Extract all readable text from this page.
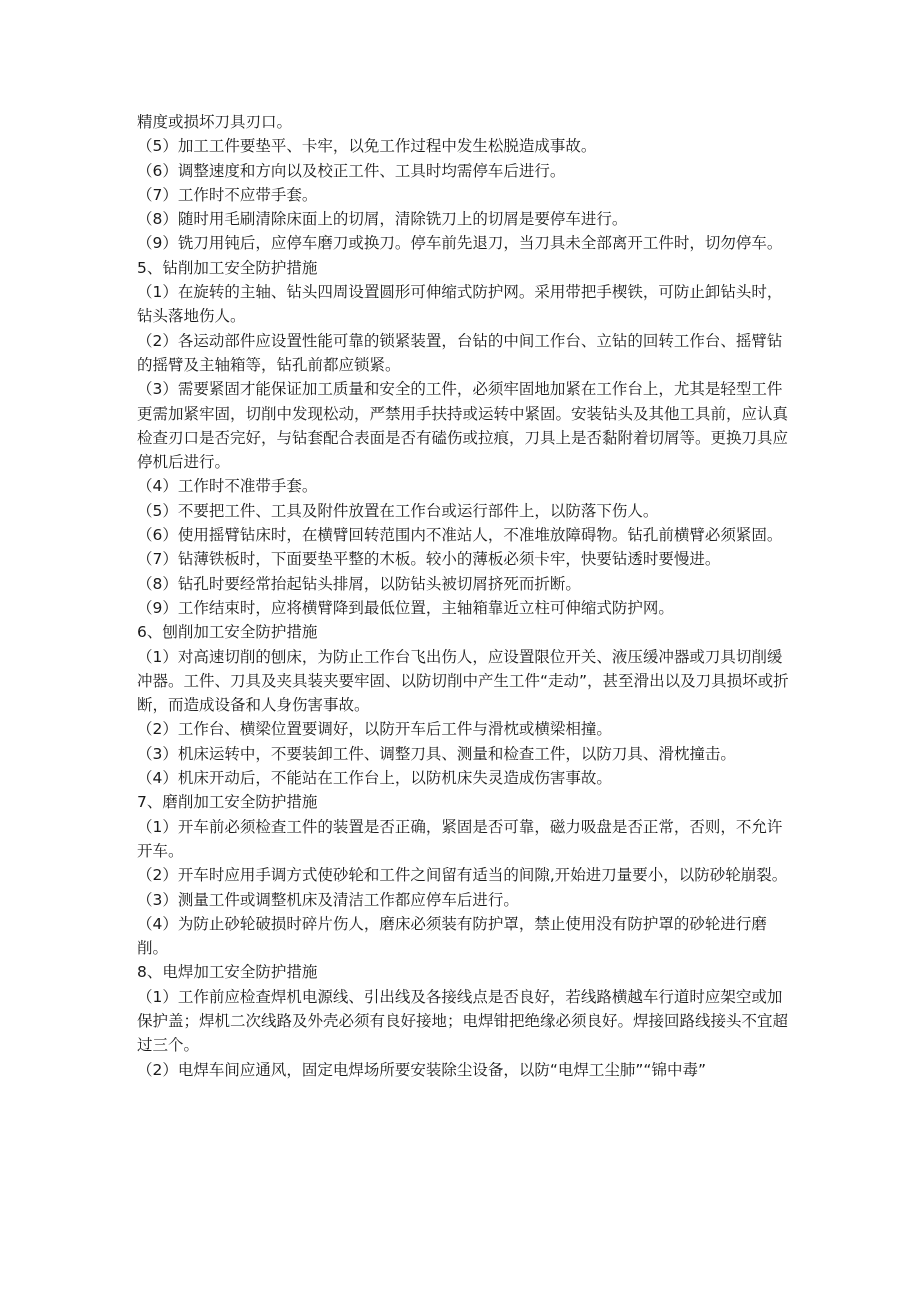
精度或损坏刀具刃口。

（5）加工工件要垫平、卡牢，以免工作过程中发生松脱造成事故。

（6）调整速度和方向以及校正工件、工具时均需停车后进行。

（7）工作时不应带手套。

（8）随时用毛刷清除床面上的切屑，清除铣刀上的切屑是要停车进行。

（9）铣刀用钝后，应停车磨刀或换刀。停车前先退刀，当刀具未全部离开工件时，切勿停车。

5、钻削加工安全防护措施

（1）在旋转的主轴、钻头四周设置圆形可伸缩式防护网。采用带把手楔铁，可防止卸钻头时，钻头落地伤人。

（2）各运动部件应设置性能可靠的锁紧装置，台钻的中间工作台、立钻的回转工作台、摇臂钻的摇臂及主轴箱等，钻孔前都应锁紧。

（3）需要紧固才能保证加工质量和安全的工件，必须牢固地加紧在工作台上，尤其是轻型工件更需加紧牢固，切削中发现松动，严禁用手扶持或运转中紧固。安装钻头及其他工具前，应认真检查刃口是否完好，与钻套配合表面是否有磕伤或拉痕，刀具上是否黏附着切屑等。更换刀具应停机后进行。

（4）工作时不准带手套。

（5）不要把工件、工具及附件放置在工作台或运行部件上，以防落下伤人。

（6）使用摇臂钻床时，在横臂回转范围内不准站人，不准堆放障碍物。钻孔前横臂必须紧固。

（7）钻薄铁板时，下面要垫平整的木板。较小的薄板必须卡牢，快要钻透时要慢进。

（8）钻孔时要经常抬起钻头排屑，以防钻头被切屑挤死而折断。

（9）工作结束时，应将横臂降到最低位置，主轴箱靠近立柱可伸缩式防护网。

6、刨削加工安全防护措施

（1）对高速切削的刨床，为防止工作台飞出伤人，应设置限位开关、液压缓冲器或刀具切削缓冲器。工件、刀具及夹具装夹要牢固、以防切削中产生工件“走动”，甚至滑出以及刀具损坏或折断，而造成设备和人身伤害事故。

（2）工作台、横梁位置要调好，以防开车后工件与滑枕或横梁相撞。

（3）机床运转中，不要装卸工件、调整刀具、测量和检查工件，以防刀具、滑枕撞击。

（4）机床开动后，不能站在工作台上，以防机床失灵造成伤害事故。

7、磨削加工安全防护措施

（1）开车前必须检查工件的装置是否正确，紧固是否可靠，磁力吸盘是否正常，否则，不允许开车。

（2）开车时应用手调方式使砂轮和工件之间留有适当的间隙,开始进刀量要小，以防砂轮崩裂。

（3）测量工件或调整机床及清洁工作都应停车后进行。

（4）为防止砂轮破损时碎片伤人，磨床必须装有防护罩，禁止使用没有防护罩的砂轮进行磨削。

8、电焊加工安全防护措施

（1）工作前应检查焊机电源线、引出线及各接线点是否良好，若线路横越车行道时应架空或加保护盖；焊机二次线路及外壳必须有良好接地；电焊钳把绝缘必须良好。焊接回路线接头不宜超过三个。

（2）电焊车间应通风，固定电焊场所要安装除尘设备，以防“电焊工尘肺”“锦中毒”
